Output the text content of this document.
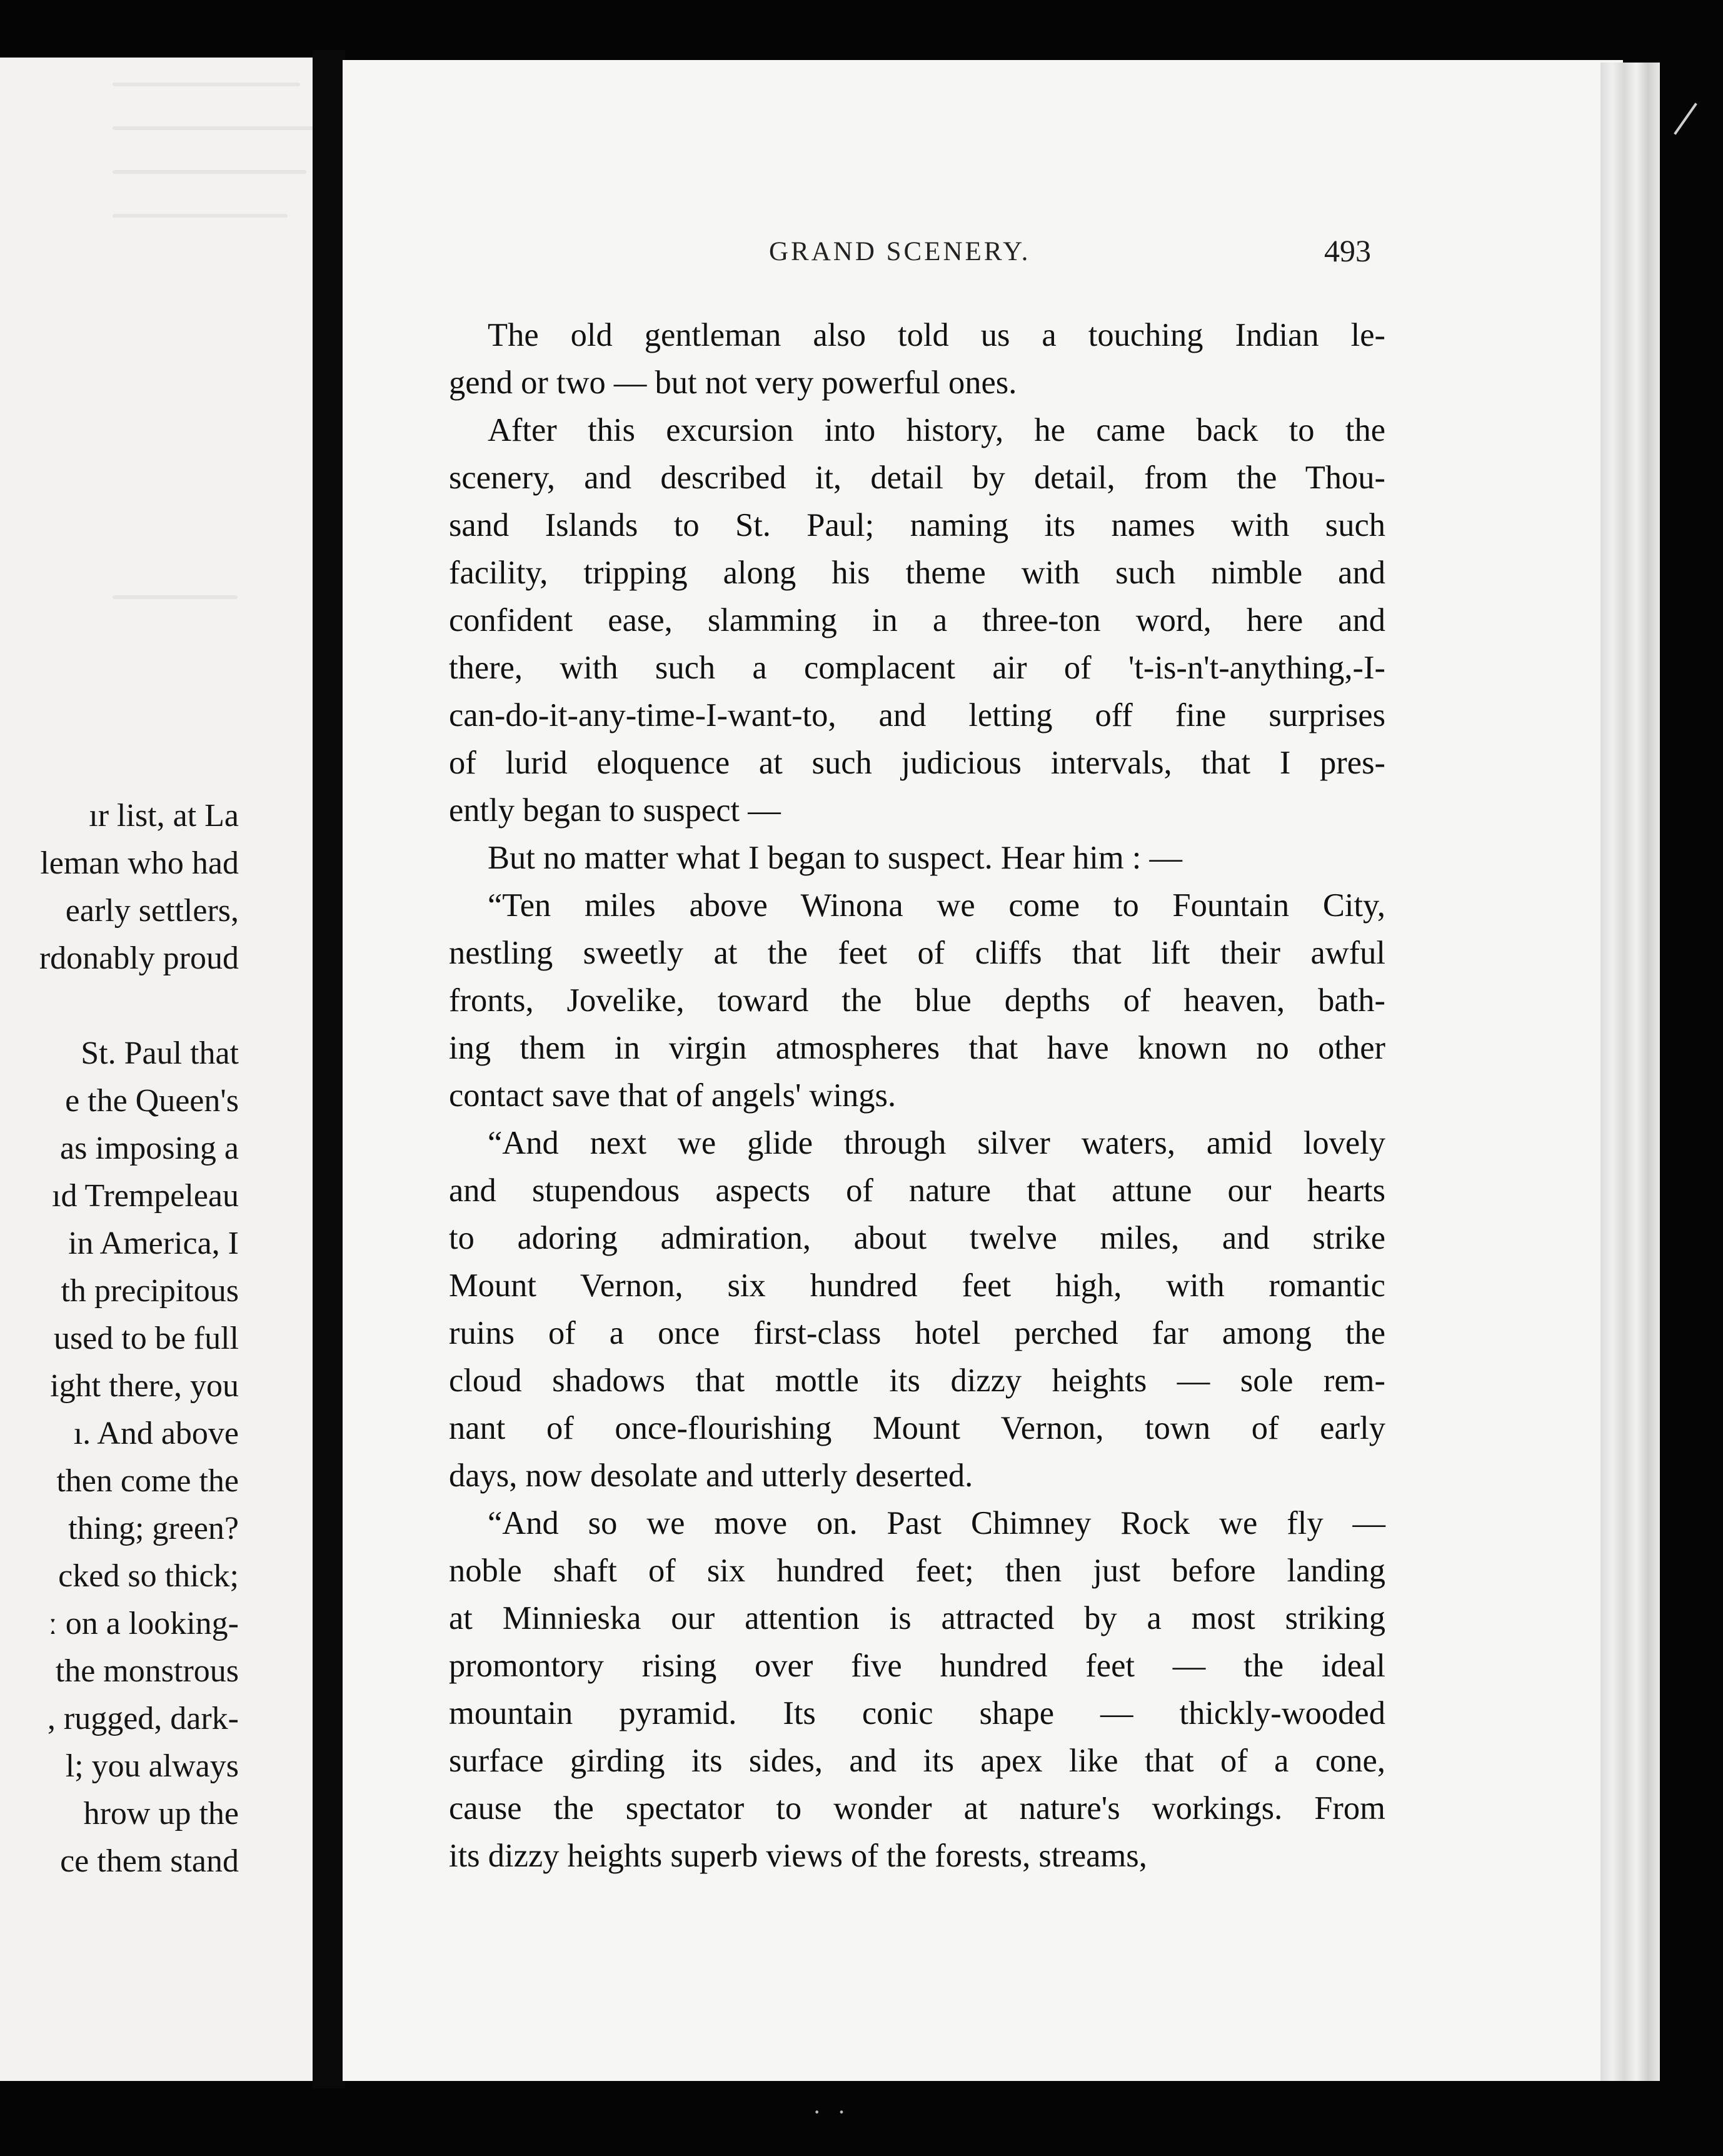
ır list, at La

leman who had

early settlers,

rdonably proud

St. Paul that

e the Queen's

as imposing a

ıd Trempeleau

in America, I

th precipitous

used to be full

ight there, you

ı. And above

then come the

thing; green?

cked so thick;

ː on a looking-

the monstrous

, rugged, dark-

l; you always

hrow up the

ce them stand

GRAND SCENERY.	493
The old gentleman also told us a touching Indian le-
gend or two — but not very powerful ones.
After this excursion into history, he came back to the
scenery, and described it, detail by detail, from the Thou-
sand Islands to St. Paul; naming its names with such
facility, tripping along his theme with such nimble and
confident ease, slamming in a three-ton word, here and
there, with such a complacent air of 't-is-n't-anything,-I-
can-do-it-any-time-I-want-to, and letting off fine surprises
of lurid eloquence at such judicious intervals, that I pres-
ently began to suspect —
But no matter what I began to suspect. Hear him : —
“Ten miles above Winona we come to Fountain City,
nestling sweetly at the feet of cliffs that lift their awful
fronts, Jovelike, toward the blue depths of heaven, bath-
ing them in virgin atmospheres that have known no other
contact save that of angels' wings.
“And next we glide through silver waters, amid lovely
and stupendous aspects of nature that attune our hearts
to adoring admiration, about twelve miles, and strike
Mount Vernon, six hundred feet high, with romantic
ruins of a once first-class hotel perched far among the
cloud shadows that mottle its dizzy heights — sole rem-
nant of once-flourishing Mount Vernon, town of early
days, now desolate and utterly deserted.
“And so we move on. Past Chimney Rock we fly —
noble shaft of six hundred feet; then just before landing
at Minnieska our attention is attracted by a most striking
promontory rising over five hundred feet — the ideal
mountain pyramid. Its conic shape — thickly-wooded
surface girding its sides, and its apex like that of a cone,
cause the spectator to wonder at nature's workings. From
its dizzy heights superb views of the forests, streams,
· ·
